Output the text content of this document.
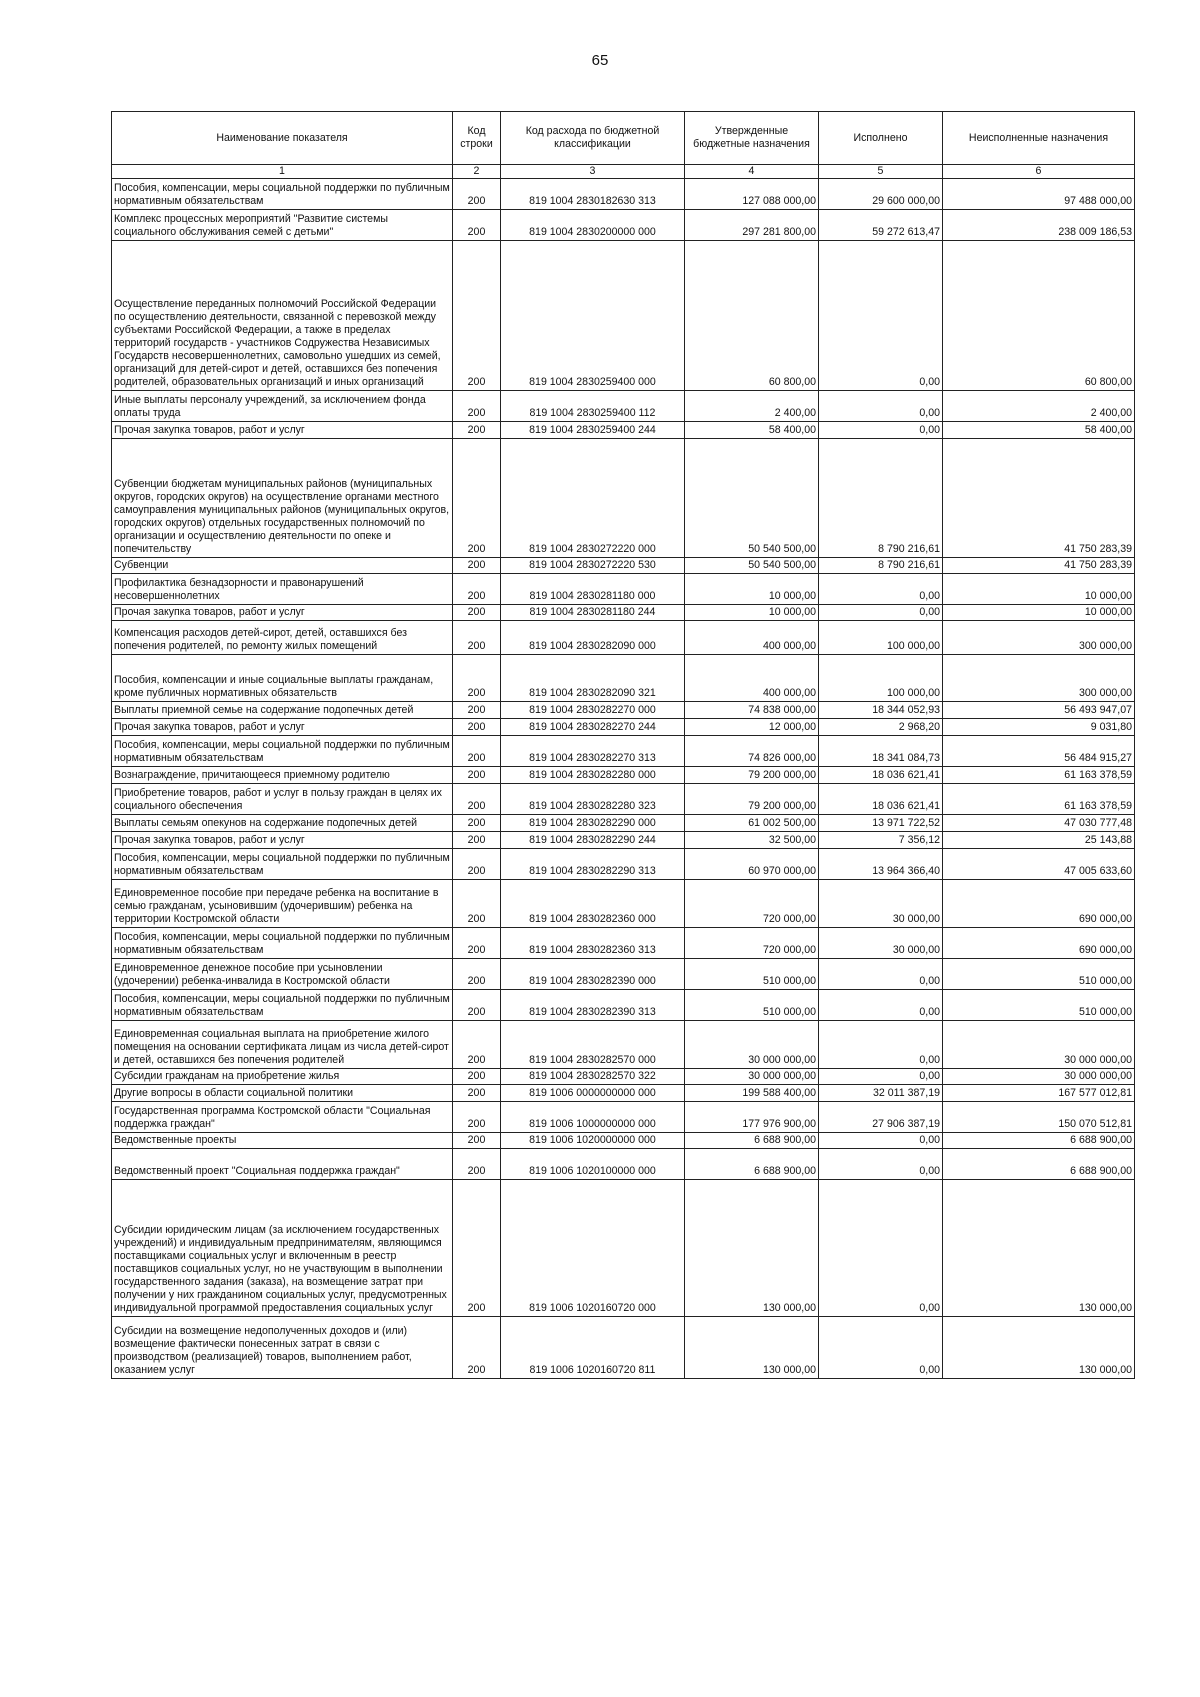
65
Наименование показателя	Код строки	Код расхода по бюджетной классификации	Утвержденные бюджетные назначения	Исполнено	Неисполненные назначения
1	2	3	4	5	6
Пособия, компенсации, меры социальной поддержки по публичным нормативным обязательствам	200	819 1004 2830182630 313	127 088 000,00	29 600 000,00	97 488 000,00
Комплекс процессных мероприятий "Развитие системы социального обслуживания семей с детьми"	200	819 1004 2830200000 000	297 281 800,00	59 272 613,47	238 009 186,53
Осуществление переданных полномочий Российской Федерации по осуществлению деятельности, связанной с перевозкой между субъектами Российской Федерации, а также в пределах территорий государств - участников Содружества Независимых Государств несовершеннолетних, самовольно ушедших из семей, организаций для детей-сирот и детей, оставшихся без попечения родителей, образовательных организаций и иных организаций	200	819 1004 2830259400 000	60 800,00	0,00	60 800,00
Иные выплаты персоналу учреждений, за исключением фонда оплаты труда	200	819 1004 2830259400 112	2 400,00	0,00	2 400,00
Прочая закупка товаров, работ и услуг	200	819 1004 2830259400 244	58 400,00	0,00	58 400,00
Субвенции бюджетам муниципальных районов (муниципальных округов, городских округов) на осуществление органами местного самоуправления муниципальных районов (муниципальных округов, городских округов) отдельных государственных полномочий по организации и осуществлению деятельности по опеке и попечительству	200	819 1004 2830272220 000	50 540 500,00	8 790 216,61	41 750 283,39
Субвенции	200	819 1004 2830272220 530	50 540 500,00	8 790 216,61	41 750 283,39
Профилактика безнадзорности и правонарушений несовершеннолетних	200	819 1004 2830281180 000	10 000,00	0,00	10 000,00
Прочая закупка товаров, работ и услуг	200	819 1004 2830281180 244	10 000,00	0,00	10 000,00
Компенсация расходов детей-сирот, детей, оставшихся без попечения родителей, по ремонту жилых помещений	200	819 1004 2830282090 000	400 000,00	100 000,00	300 000,00
Пособия, компенсации и иные социальные выплаты гражданам, кроме публичных нормативных обязательств	200	819 1004 2830282090 321	400 000,00	100 000,00	300 000,00
Выплаты приемной семье на содержание подопечных детей	200	819 1004 2830282270 000	74 838 000,00	18 344 052,93	56 493 947,07
Прочая закупка товаров, работ и услуг	200	819 1004 2830282270 244	12 000,00	2 968,20	9 031,80
Пособия, компенсации, меры социальной поддержки по публичным нормативным обязательствам	200	819 1004 2830282270 313	74 826 000,00	18 341 084,73	56 484 915,27
Вознаграждение, причитающееся приемному родителю	200	819 1004 2830282280 000	79 200 000,00	18 036 621,41	61 163 378,59
Приобретение товаров, работ и услуг в пользу граждан в целях их социального обеспечения	200	819 1004 2830282280 323	79 200 000,00	18 036 621,41	61 163 378,59
Выплаты семьям опекунов на содержание подопечных детей	200	819 1004 2830282290 000	61 002 500,00	13 971 722,52	47 030 777,48
Прочая закупка товаров, работ и услуг	200	819 1004 2830282290 244	32 500,00	7 356,12	25 143,88
Пособия, компенсации, меры социальной поддержки по публичным нормативным обязательствам	200	819 1004 2830282290 313	60 970 000,00	13 964 366,40	47 005 633,60
Единовременное пособие при передаче ребенка на воспитание в семью гражданам, усыновившим (удочерившим) ребенка на территории Костромской области	200	819 1004 2830282360 000	720 000,00	30 000,00	690 000,00
Пособия, компенсации, меры социальной поддержки по публичным нормативным обязательствам	200	819 1004 2830282360 313	720 000,00	30 000,00	690 000,00
Единовременное денежное пособие при усыновлении (удочерении) ребенка-инвалида в Костромской области	200	819 1004 2830282390 000	510 000,00	0,00	510 000,00
Пособия, компенсации, меры социальной поддержки по публичным нормативным обязательствам	200	819 1004 2830282390 313	510 000,00	0,00	510 000,00
Единовременная социальная выплата на приобретение жилого помещения на основании сертификата лицам из числа детей-сирот и детей, оставшихся без попечения родителей	200	819 1004 2830282570 000	30 000 000,00	0,00	30 000 000,00
Субсидии гражданам на приобретение жилья	200	819 1004 2830282570 322	30 000 000,00	0,00	30 000 000,00
Другие вопросы в области социальной политики	200	819 1006 0000000000 000	199 588 400,00	32 011 387,19	167 577 012,81
Государственная программа Костромской области "Социальная поддержка граждан"	200	819 1006 1000000000 000	177 976 900,00	27 906 387,19	150 070 512,81
Ведомственные проекты	200	819 1006 1020000000 000	6 688 900,00	0,00	6 688 900,00
Ведомственный проект "Социальная поддержка граждан"	200	819 1006 1020100000 000	6 688 900,00	0,00	6 688 900,00
Субсидии юридическим лицам (за исключением государственных учреждений) и индивидуальным предпринимателям, являющимся поставщиками социальных услуг и включенным в реестр поставщиков социальных услуг, но не участвующим в выполнении государственного задания (заказа), на возмещение затрат при получении у них гражданином социальных услуг, предусмотренных индивидуальной программой предоставления социальных услуг	200	819 1006 1020160720 000	130 000,00	0,00	130 000,00
Субсидии на возмещение недополученных доходов и (или) возмещение фактически понесенных затрат в связи с производством (реализацией) товаров, выполнением работ, оказанием услуг	200	819 1006 1020160720 811	130 000,00	0,00	130 000,00
